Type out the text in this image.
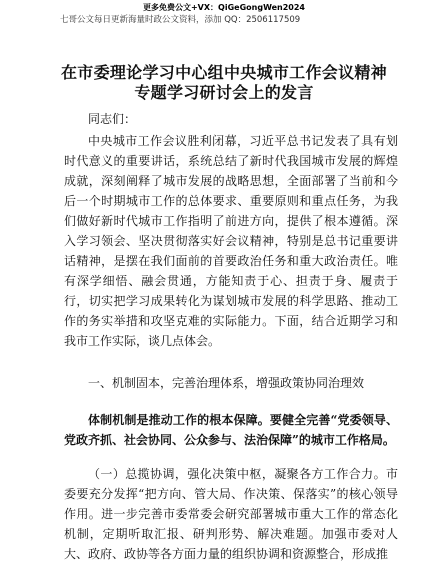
更多免费公文+VX：QiGeGongWen2024
七哥公文每日更新海量时政公文资料，添加 QQ：2506117509
在市委理论学习中心组中央城市工作会议精神
专题学习研讨会上的发言
同志们：
中央城市工作会议胜利闭幕，习近平总书记发表了具有划时代意义的重要讲话，系统总结了新时代我国城市发展的辉煌成就，深刻阐释了城市发展的战略思想，全面部署了当前和今后一个时期城市工作的总体要求、重要原则和重点任务，为我们做好新时代城市工作指明了前进方向，提供了根本遵循。深入学习领会、坚决贯彻落实好会议精神，特别是总书记重要讲话精神，是摆在我们面前的首要政治任务和重大政治责任。唯有深学细悟、融会贯通，方能知责于心、担责于身、履责于行，切实把学习成果转化为谋划城市发展的科学思路、推动工作的务实举措和攻坚克难的实际能力。下面，结合近期学习和我市工作实际，谈几点体会。
一、机制固本，完善治理体系，增强政策协同治理效
体制机制是推动工作的根本保障。要健全完善“党委领导、党政齐抓、社会协同、公众参与、法治保障”的城市工作格局。
（一）总揽协调，强化决策中枢，凝聚各方工作合力。市委要充分发挥“把方向、管大局、作决策、保落实”的核心领导作用。进一步完善市委常委会研究部署城市重大工作的常态化机制，定期听取汇报、研判形势、解决难题。加强市委对人大、政府、政协等各方面力量的组织协调和资源整合，形成推
